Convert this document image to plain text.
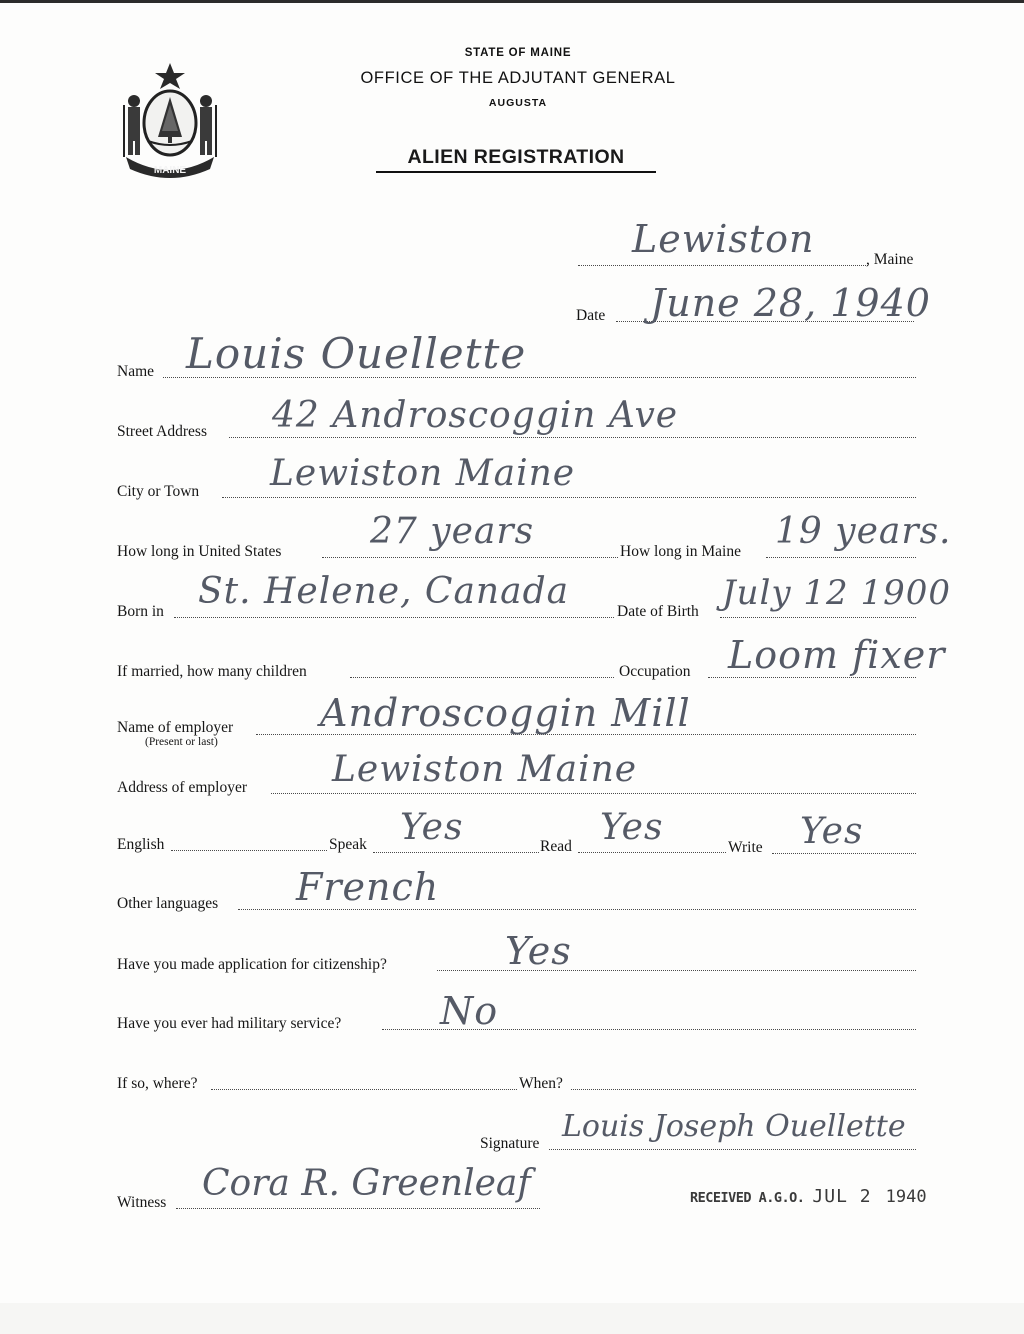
MAINE
STATE OF MAINE
OFFICE OF THE ADJUTANT GENERAL
AUGUSTA
ALIEN REGISTRATION
Lewiston	, Maine
Date June 28, 1940
Name Louis Ouellette
Street Address 42 Androscoggin Ave
City or Town Lewiston Maine
How long in United States 27 years	How long in Maine 19 years.
Born in St. Helene, Canada	Date of Birth July 12 1900
If married, how many children	Occupation Loom fixer
Name of employer
(Present or last)
Androscoggin Mill
Address of employer Lewiston Maine
English	Speak Yes	Read Yes	Write Yes
Other languages French
Have you made application for citizenship?	Yes
Have you ever had military service?	No
If so, where?	When?
Signature Louis Joseph Ouellette
Witness Cora R. Greenleaf	RECEIVED A.G.O. JUL 2 1940
